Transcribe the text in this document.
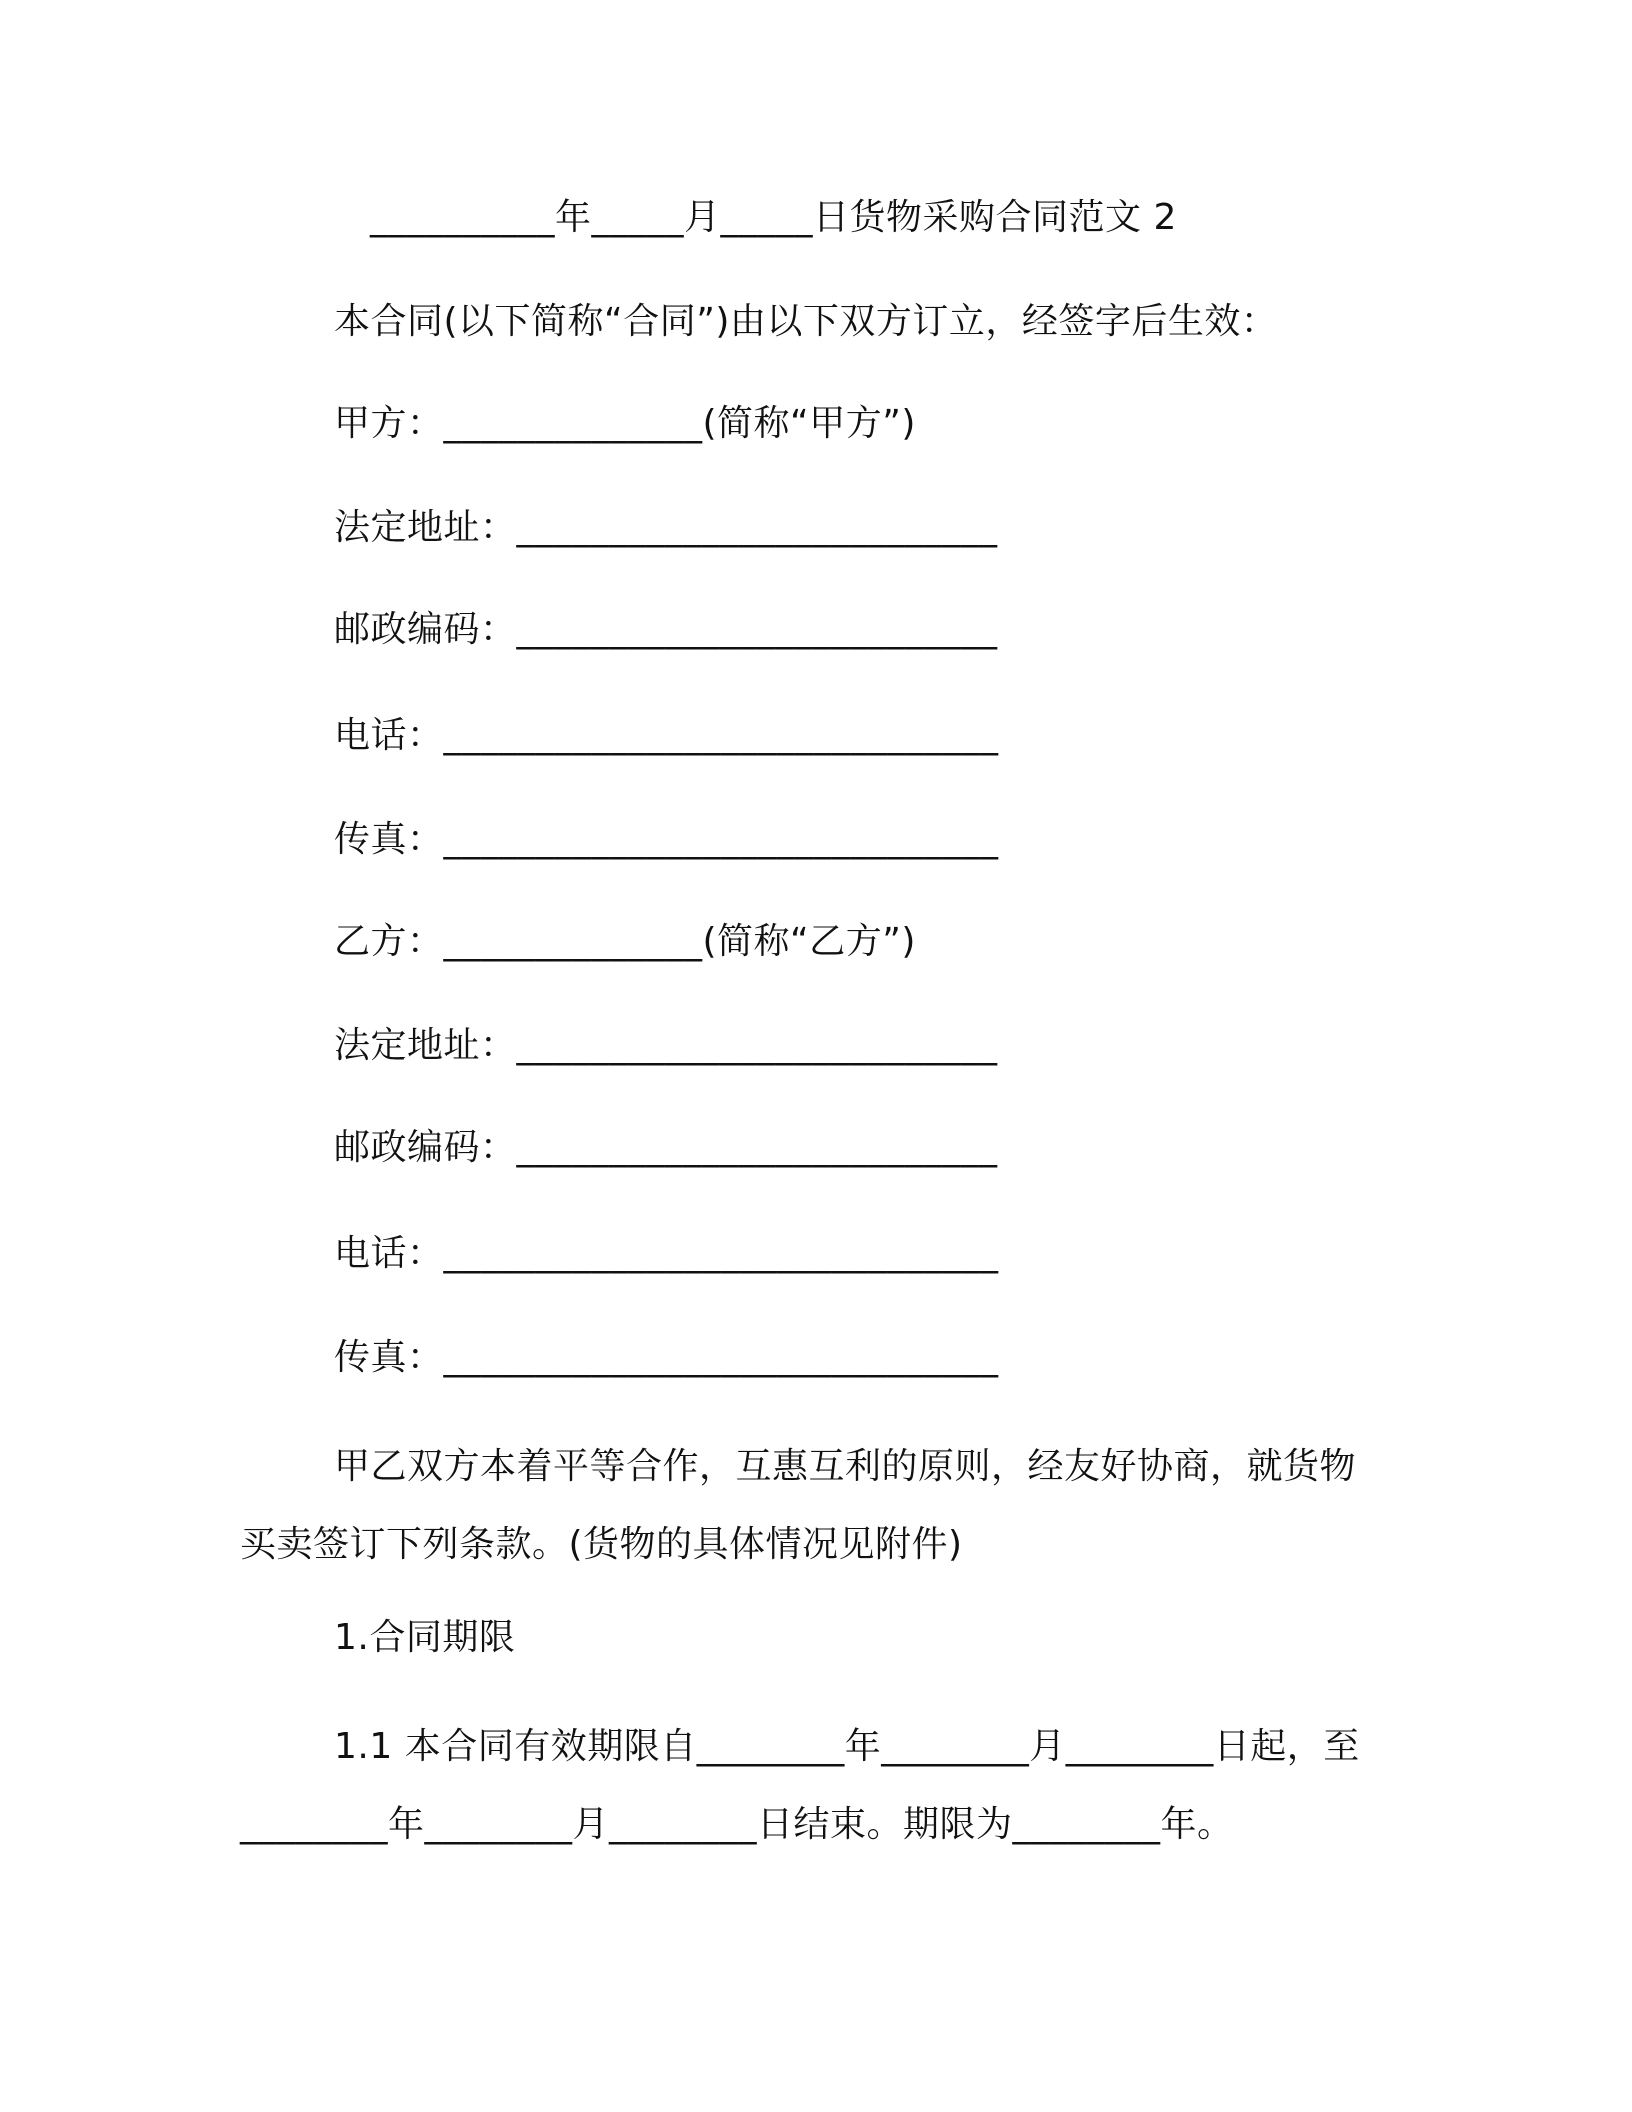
__________年_____月_____日货物采购合同范文 2
本合同(以下简称“合同”)由以下双方订立，经签字后生效：
甲方：______________(简称“甲方”)
法定地址：__________________________
邮政编码：__________________________
电话：______________________________
传真：______________________________
乙方：______________(简称“乙方”)
法定地址：__________________________
邮政编码：__________________________
电话：______________________________
传真：______________________________
甲乙双方本着平等合作，互惠互利的原则，经友好协商，就货物买卖签订下列条款。(货物的具体情况见附件)
1.合同期限
1.1 本合同有效期限自________年________月________日起，至________年________月________日结束。期限为________年。
